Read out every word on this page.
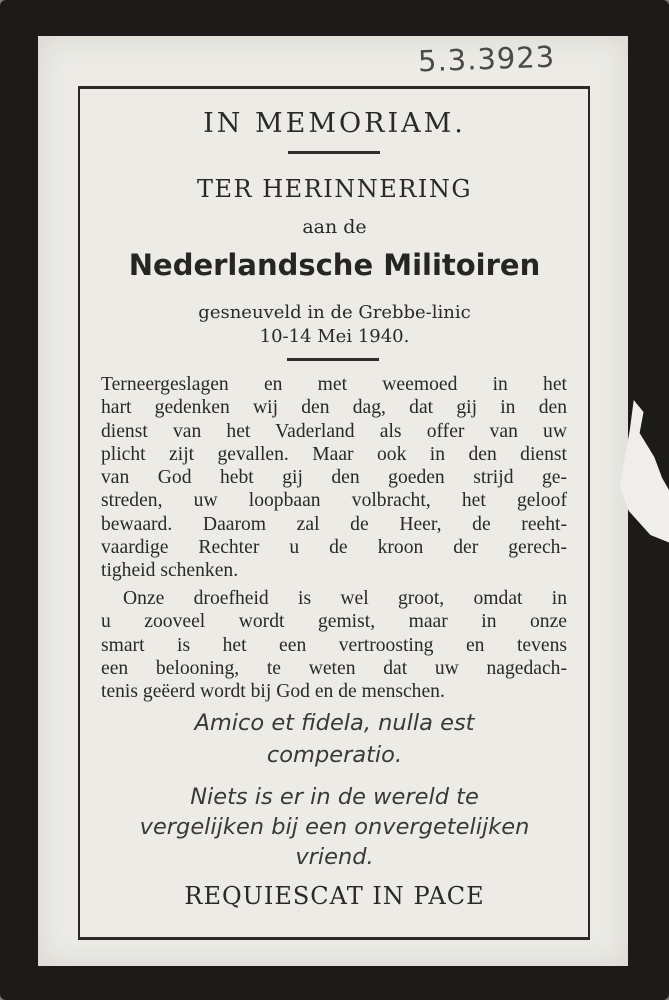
5.3.3923

IN MEMORIAM.

TER HERINNERING

aan de

Nederlandsche Militoiren

gesneuveld in de Grebbe-linic

10-14 Mei 1940.

Terneergeslagen en met weemoed in het
hart gedenken wij den dag, dat gij in den
dienst van het Vaderland als offer van uw
plicht zijt gevallen. Maar ook in den dienst
van God hebt gij den goeden strijd ge-
streden, uw loopbaan volbracht, het geloof
bewaard. Daarom zal de Heer, de reeht-
vaardige Rechter u de kroon der gerech-
tigheid schenken.

Onze droefheid is wel groot, omdat in
u zooveel wordt gemist, maar in onze
smart is het een vertroosting en tevens
een belooning, te weten dat uw nagedach-
tenis geëerd wordt bij God en de menschen.

Amico et fidela, nulla est

comperatio.

Niets is er in de wereld te

vergelijken bij een onvergetelijken

vriend.

REQUIESCAT IN PACE
